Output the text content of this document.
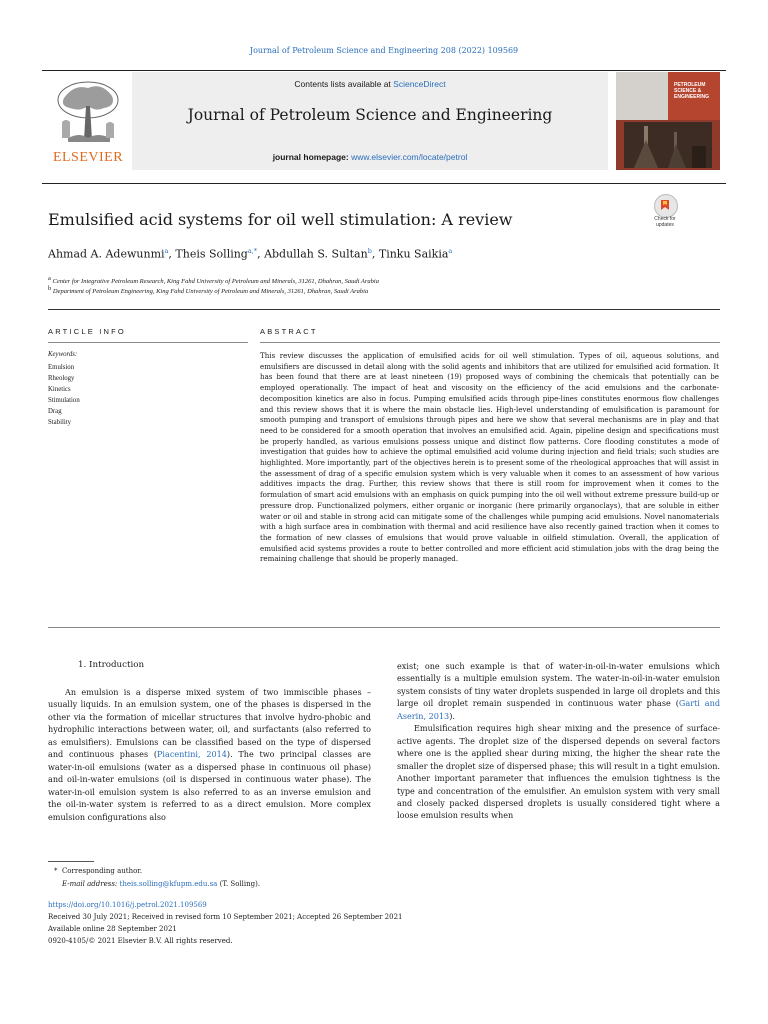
Journal of Petroleum Science and Engineering 208 (2022) 109569
ELSEVIER
Contents lists available at ScienceDirect
Journal of Petroleum Science and Engineering
journal homepage: www.elsevier.com/locate/petrol
PETROLEUM SCIENCE & ENGINEERING
Emulsified acid systems for oil well stimulation: A review	Check for updates
Ahmad A. Adewunmi$^a$, Theis Solling$^{a,*}$, Abdullah S. Sultan$^b$, Tinku Saikia$^a$
$^a$ Center for Integrative Petroleum Research, King Fahd University of Petroleum and Minerals, 31261, Dhahran, Saudi Arabia
$^b$ Department of Petroleum Engineering, King Fahd University of Petroleum and Minerals, 31261, Dhahran, Saudi Arabia
ARTICLE INFO	ABSTRACT
Keywords:
Emulsion
Rheology
Kinetics
Stimulation
Drag
Stability
This review discusses the application of emulsified acids for oil well stimulation. Types of oil, aqueous solutions, and emulsifiers are discussed in detail along with the solid agents and inhibitors that are utilized for emulsified acid formation. It has been found that there are at least nineteen (19) proposed ways of combining the chemicals that potentially can be employed operationally. The impact of heat and viscosity on the efficiency of the acid emulsions and the carbonate-decomposition kinetics are also in focus. Pumping emulsified acids through pipe-lines constitutes enormous flow challenges and this review shows that it is where the main obstacle lies. High-level understanding of emulsification is paramount for smooth pumping and transport of emulsions through pipes and here we show that several mechanisms are in play and that need to be considered for a smooth operation that involves an emulsified acid. Again, pipeline design and specifications must be properly handled, as various emulsions possess unique and distinct flow patterns. Core flooding constitutes a mode of investigation that guides how to achieve the optimal emulsified acid volume during injection and field trials; such studies are highlighted. More importantly, part of the objectives herein is to present some of the rheological approaches that will assist in the assessment of drag of a specific emulsion system which is very valuable when it comes to an assessment of how various additives impacts the drag. Further, this review shows that there is still room for improvement when it comes to the formulation of smart acid emulsions with an emphasis on quick pumping into the oil well without extreme pressure build-up or pressure drop. Functionalized polymers, either organic or inorganic (here primarily organoclays), that are soluble in either water or oil and stable in strong acid can mitigate some of the challenges while pumping acid emulsions. Novel nanomaterials with a high surface area in combination with thermal and acid resilience have also recently gained traction when it comes to the formation of new classes of emulsions that would prove valuable in oilfield stimulation. Overall, the application of emulsified acid systems provides a route to better controlled and more efficient acid stimulation jobs with the drag being the remaining challenge that should be properly managed.
1. Introduction

An emulsion is a disperse mixed system of two immiscible phases – usually liquids. In an emulsion system, one of the phases is dispersed in the other via the formation of micellar structures that involve hydro-phobic and hydrophilic interactions between water, oil, and surfactants (also referred to as emulsifiers). Emulsions can be classified based on the type of dispersed and continuous phases (Piacentini, 2014). The two principal classes are water-in-oil emulsions (water as a dispersed phase in continuous oil phase) and oil-in-water emulsions (oil is dispersed in continuous water phase). The water-in-oil emulsion system is also referred to as an inverse emulsion and the oil-in-water system is referred to as a direct emulsion. More complex emulsion configurations also

exist; one such example is that of water-in-oil-in-water emulsions which essentially is a multiple emulsion system. The water-in-oil-in-water emulsion system consists of tiny water droplets suspended in large oil droplets and this large oil droplet remain suspended in continuous water phase (Garti and Aserin, 2013).

Emulsification requires high shear mixing and the presence of surface-active agents. The droplet size of the dispersed depends on several factors where one is the applied shear during mixing, the higher the shear rate the smaller the droplet size of dispersed phase; this will result in a tight emulsion. Another important parameter that influences the emulsion tightness is the type and concentration of the emulsifier. An emulsion system with very small and closely packed dispersed droplets is usually considered tight where a loose emulsion results when

* Corresponding author.
E-mail address: theis.solling@kfupm.edu.sa (T. Solling).
https://doi.org/10.1016/j.petrol.2021.109569
Received 30 July 2021; Received in revised form 10 September 2021; Accepted 26 September 2021
Available online 28 September 2021
0920-4105/© 2021 Elsevier B.V. All rights reserved.
